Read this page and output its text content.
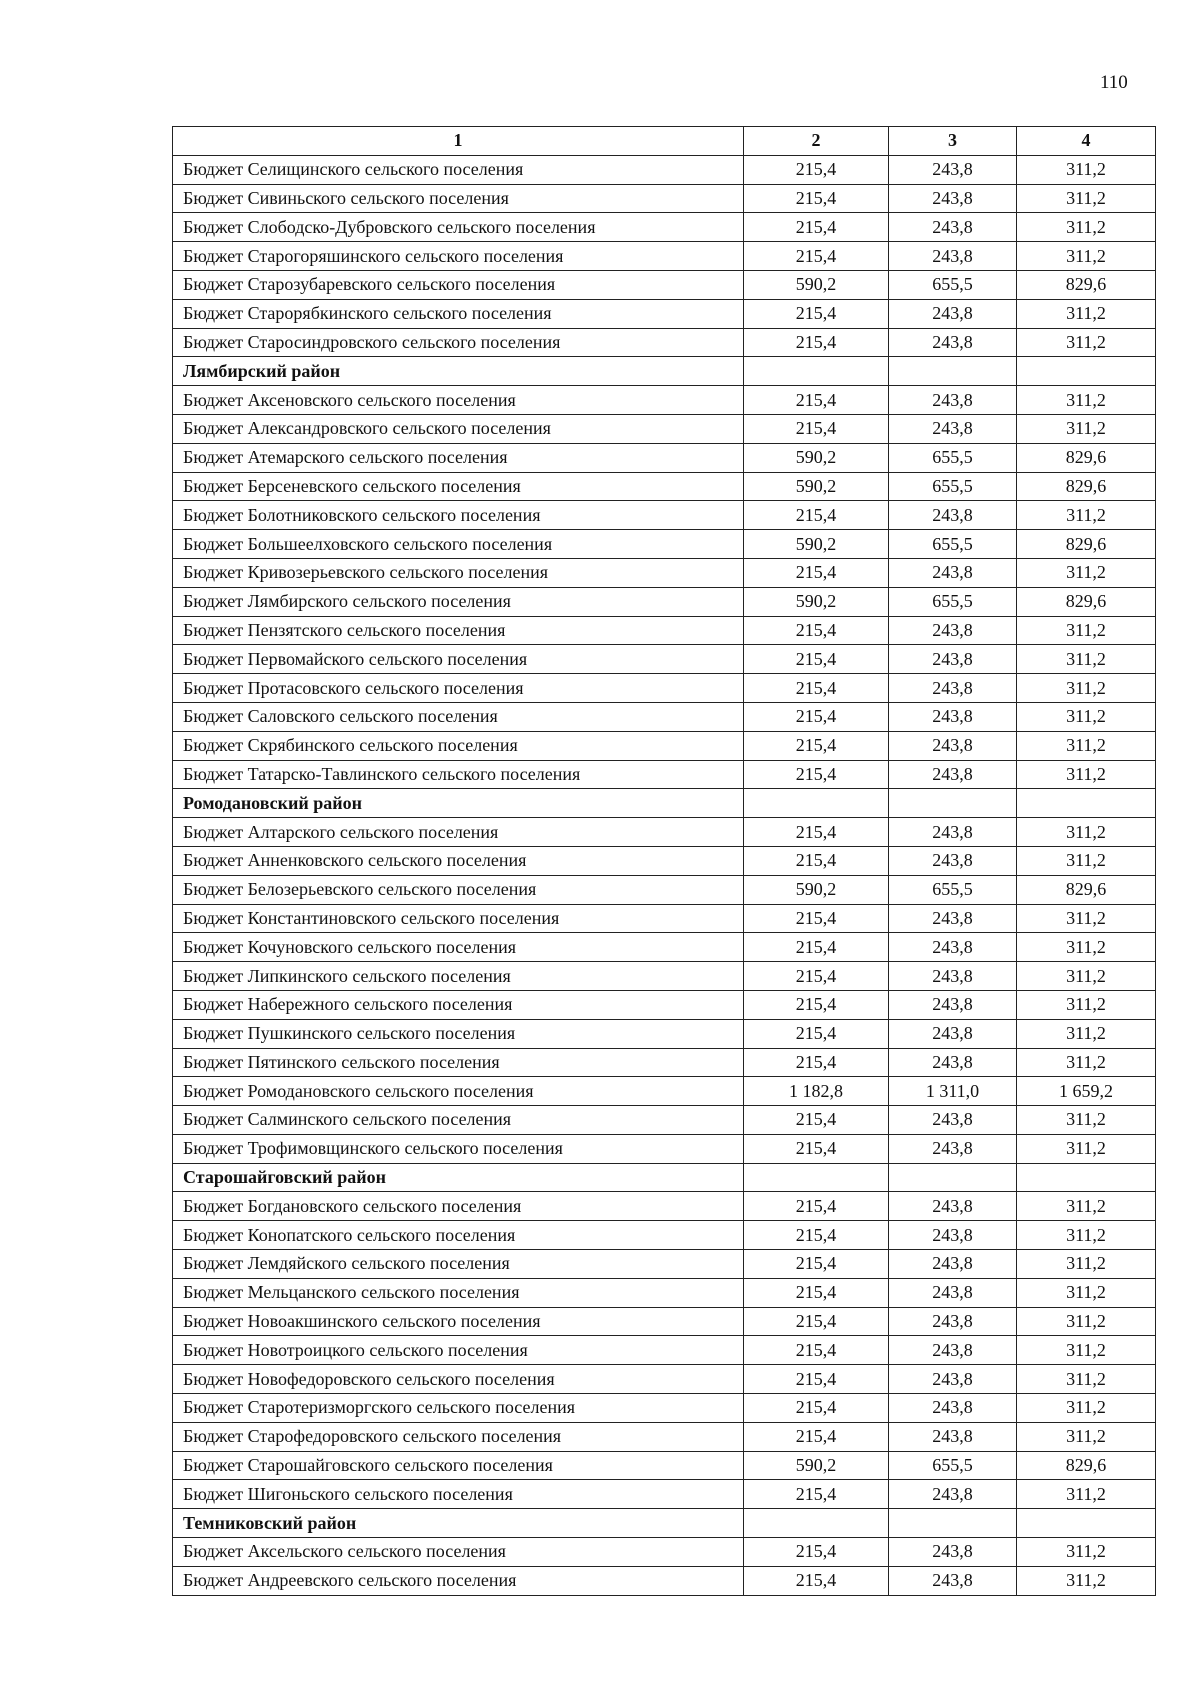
110
1	2	3	4
Бюджет Селищинского сельского поселения	215,4	243,8	311,2
Бюджет Сивиньского сельского поселения	215,4	243,8	311,2
Бюджет Слободско-Дубровского сельского поселения	215,4	243,8	311,2
Бюджет Старогоряшинского сельского поселения	215,4	243,8	311,2
Бюджет Старозубаревского сельского поселения	590,2	655,5	829,6
Бюджет Старорябкинского сельского поселения	215,4	243,8	311,2
Бюджет Старосиндровского сельского поселения	215,4	243,8	311,2
Лямбирский район			
Бюджет Аксеновского сельского поселения	215,4	243,8	311,2
Бюджет Александровского сельского поселения	215,4	243,8	311,2
Бюджет Атемарского сельского поселения	590,2	655,5	829,6
Бюджет Берсеневского сельского поселения	590,2	655,5	829,6
Бюджет Болотниковского сельского поселения	215,4	243,8	311,2
Бюджет Большеелховского сельского поселения	590,2	655,5	829,6
Бюджет Кривозерьевского сельского поселения	215,4	243,8	311,2
Бюджет Лямбирского сельского поселения	590,2	655,5	829,6
Бюджет Пензятского сельского поселения	215,4	243,8	311,2
Бюджет Первомайского сельского поселения	215,4	243,8	311,2
Бюджет Протасовского сельского поселения	215,4	243,8	311,2
Бюджет Саловского сельского поселения	215,4	243,8	311,2
Бюджет Скрябинского сельского поселения	215,4	243,8	311,2
Бюджет Татарско-Тавлинского сельского поселения	215,4	243,8	311,2
Ромодановский район			
Бюджет Алтарского сельского поселения	215,4	243,8	311,2
Бюджет Анненковского сельского поселения	215,4	243,8	311,2
Бюджет Белозерьевского сельского поселения	590,2	655,5	829,6
Бюджет Константиновского сельского поселения	215,4	243,8	311,2
Бюджет Кочуновского сельского поселения	215,4	243,8	311,2
Бюджет Липкинского сельского поселения	215,4	243,8	311,2
Бюджет Набережного сельского поселения	215,4	243,8	311,2
Бюджет Пушкинского сельского поселения	215,4	243,8	311,2
Бюджет Пятинского сельского поселения	215,4	243,8	311,2
Бюджет Ромодановского сельского поселения	1 182,8	1 311,0	1 659,2
Бюджет Салминского сельского поселения	215,4	243,8	311,2
Бюджет Трофимовщинского сельского поселения	215,4	243,8	311,2
Старошайговский район			
Бюджет Богдановского сельского поселения	215,4	243,8	311,2
Бюджет Конопатского сельского поселения	215,4	243,8	311,2
Бюджет Лемдяйского сельского поселения	215,4	243,8	311,2
Бюджет Мельцанского сельского поселения	215,4	243,8	311,2
Бюджет Новоакшинского сельского поселения	215,4	243,8	311,2
Бюджет Новотроицкого сельского поселения	215,4	243,8	311,2
Бюджет Новофедоровского сельского поселения	215,4	243,8	311,2
Бюджет Старотеризморгского сельского поселения	215,4	243,8	311,2
Бюджет Старофедоровского сельского поселения	215,4	243,8	311,2
Бюджет Старошайговского сельского поселения	590,2	655,5	829,6
Бюджет Шигоньского сельского поселения	215,4	243,8	311,2
Темниковский район			
Бюджет Аксельского сельского поселения	215,4	243,8	311,2
Бюджет Андреевского сельского поселения	215,4	243,8	311,2
